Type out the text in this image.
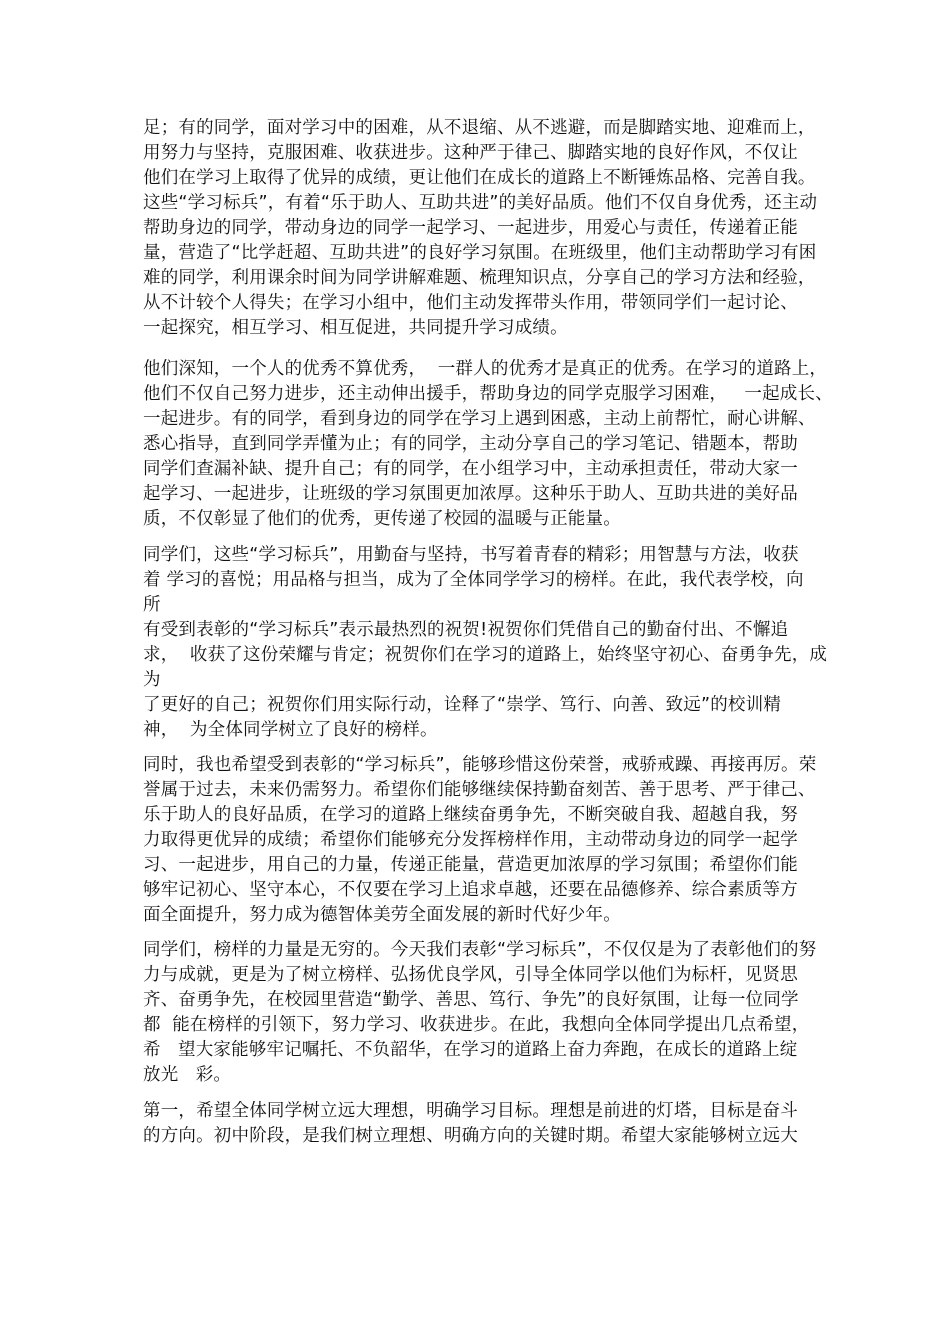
足；有的同学，面对学习中的困难，从不退缩、从不逃避，而是脚踏实地、迎难而上，
用努力与坚持，克服困难、收获进步。这种严于律己、脚踏实地的良好作风，不仅让
他们在学习上取得了优异的成绩，更让他们在成长的道路上不断锤炼品格、完善自我。
这些“学习标兵”，有着“乐于助人、互助共进”的美好品质。他们不仅自身优秀，还主动
帮助身边的同学，带动身边的同学一起学习、一起进步，用爱心与责任，传递着正能
量，营造了“比学赶超、互助共进”的良好学习氛围。在班级里，他们主动帮助学习有困
难的同学，利用课余时间为同学讲解难题、梳理知识点，分享自己的学习方法和经验，
从不计较个人得失；在学习小组中，他们主动发挥带头作用，带领同学们一起讨论、
一起探究，相互学习、相互促进，共同提升学习成绩。
他们深知，一个人的优秀不算优秀，  一群人的优秀才是真正的优秀。在学习的道路上，
他们不仅自己努力进步，还主动伸出援手，帮助身边的同学克服学习困难，   一起成长、
一起进步。有的同学，看到身边的同学在学习上遇到困惑，主动上前帮忙，耐心讲解、
悉心指导，直到同学弄懂为止；有的同学，主动分享自己的学习笔记、错题本，帮助
同学们查漏补缺、提升自己；有的同学，在小组学习中，主动承担责任，带动大家一
起学习、一起进步，让班级的学习氛围更加浓厚。这种乐于助人、互助共进的美好品
质，不仅彰显了他们的优秀，更传递了校园的温暖与正能量。
同学们，这些“学习标兵”，用勤奋与坚持，书写着青春的精彩；用智慧与方法，收获
着 学习的喜悦；用品格与担当，成为了全体同学学习的榜样。在此，我代表学校，向
所
有受到表彰的“学习标兵”表示最热烈的祝贺!祝贺你们凭借自己的勤奋付出、不懈追
求，  收获了这份荣耀与肯定；祝贺你们在学习的道路上，始终坚守初心、奋勇争先，成
为
了更好的自己；祝贺你们用实际行动，诠释了“崇学、笃行、向善、致远”的校训精
神，  为全体同学树立了良好的榜样。
同时，我也希望受到表彰的“学习标兵”，能够珍惜这份荣誉，戒骄戒躁、再接再厉。荣
誉属于过去，未来仍需努力。希望你们能够继续保持勤奋刻苦、善于思考、严于律己、
乐于助人的良好品质，在学习的道路上继续奋勇争先，不断突破自我、超越自我，努
力取得更优异的成绩；希望你们能够充分发挥榜样作用，主动带动身边的同学一起学
习、一起进步，用自己的力量，传递正能量，营造更加浓厚的学习氛围；希望你们能
够牢记初心、坚守本心，不仅要在学习上追求卓越，还要在品德修养、综合素质等方
面全面提升，努力成为德智体美劳全面发展的新时代好少年。
同学们，榜样的力量是无穷的。今天我们表彰“学习标兵”，不仅仅是为了表彰他们的努
力与成就，更是为了树立榜样、弘扬优良学风，引导全体同学以他们为标杆，见贤思
齐、奋勇争先，在校园里营造“勤学、善思、笃行、争先”的良好氛围，让每一位同学
都  能在榜样的引领下，努力学习、收获进步。在此，我想向全体同学提出几点希望，
希   望大家能够牢记嘱托、不负韶华，在学习的道路上奋力奔跑，在成长的道路上绽
放光   彩。
第一，希望全体同学树立远大理想，明确学习目标。理想是前进的灯塔，目标是奋斗
的方向。初中阶段，是我们树立理想、明确方向的关键时期。希望大家能够树立远大
